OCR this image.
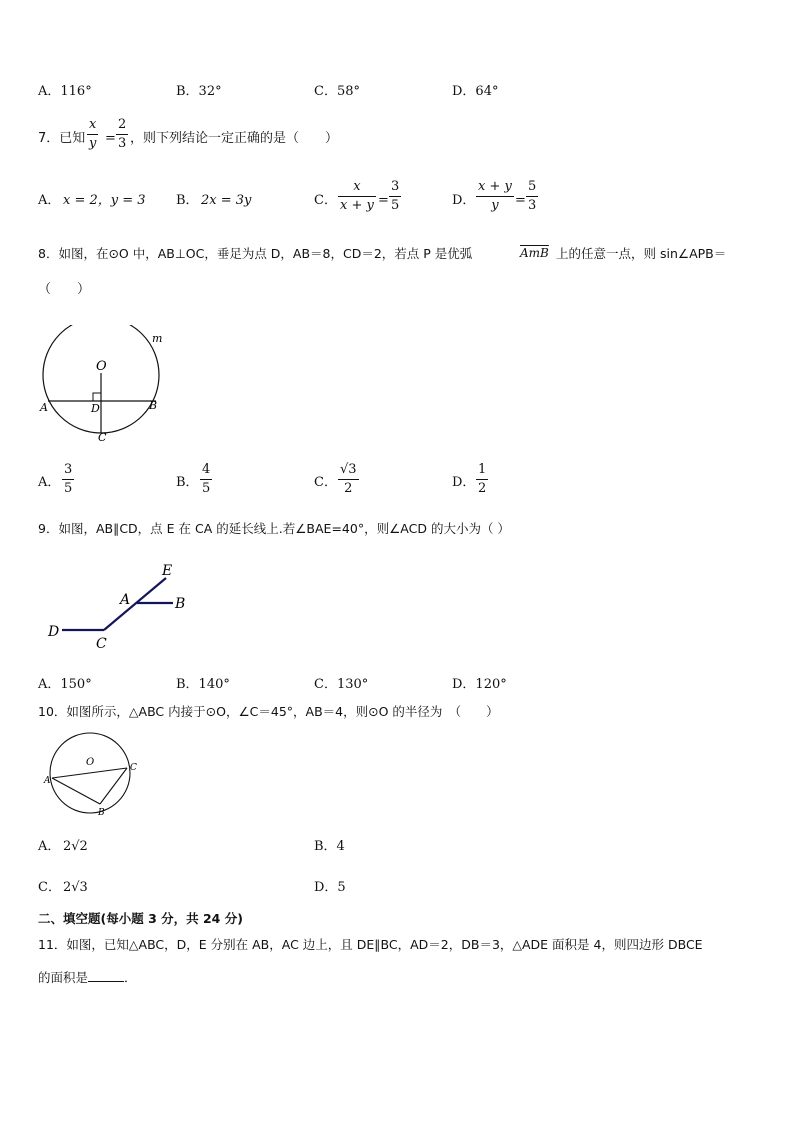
A．116°	B．32°	C．58°	D．64°
7．已知
x
y =
2
3 ，则下列结论一定正确的是（　　）
A． x = 2，y = 3 B． 2x = 3y	C．
x
x + y =
3
5	D．
x + y
y =
5
3
8．如图，在⊙O 中，AB⊥OC，垂足为点 D，AB＝8，CD＝2，若点 P 是优弧	$\overline{AmB}$ 上的任意一点，则 sin∠APB＝
（　　）
O
m
A	B
D
C
A．
3
5	B．
4
5	C．
√3
2	D．
1
2
9．如图，AB∥CD，点 E 在 CA 的延长线上.若∠BAE=40°，则∠ACD 的大小为（ ）
E
A	B
D
C
A．150°	B．140°	C．130°	D．120°
10．如图所示，△ABC 内接于⊙O，∠C＝45°，AB＝4，则⊙O 的半径为　（　　）
O
A
B
C
A． 2√2	B．4
C． 2√3	D．5
二、填空题(每小题 3 分，共 24 分)
11．如图，已知△ABC，D，E 分别在 AB，AC 边上，且 DE∥BC，AD＝2，DB＝3，△ADE 面积是 4，则四边形 DBCE
的面积是	．
